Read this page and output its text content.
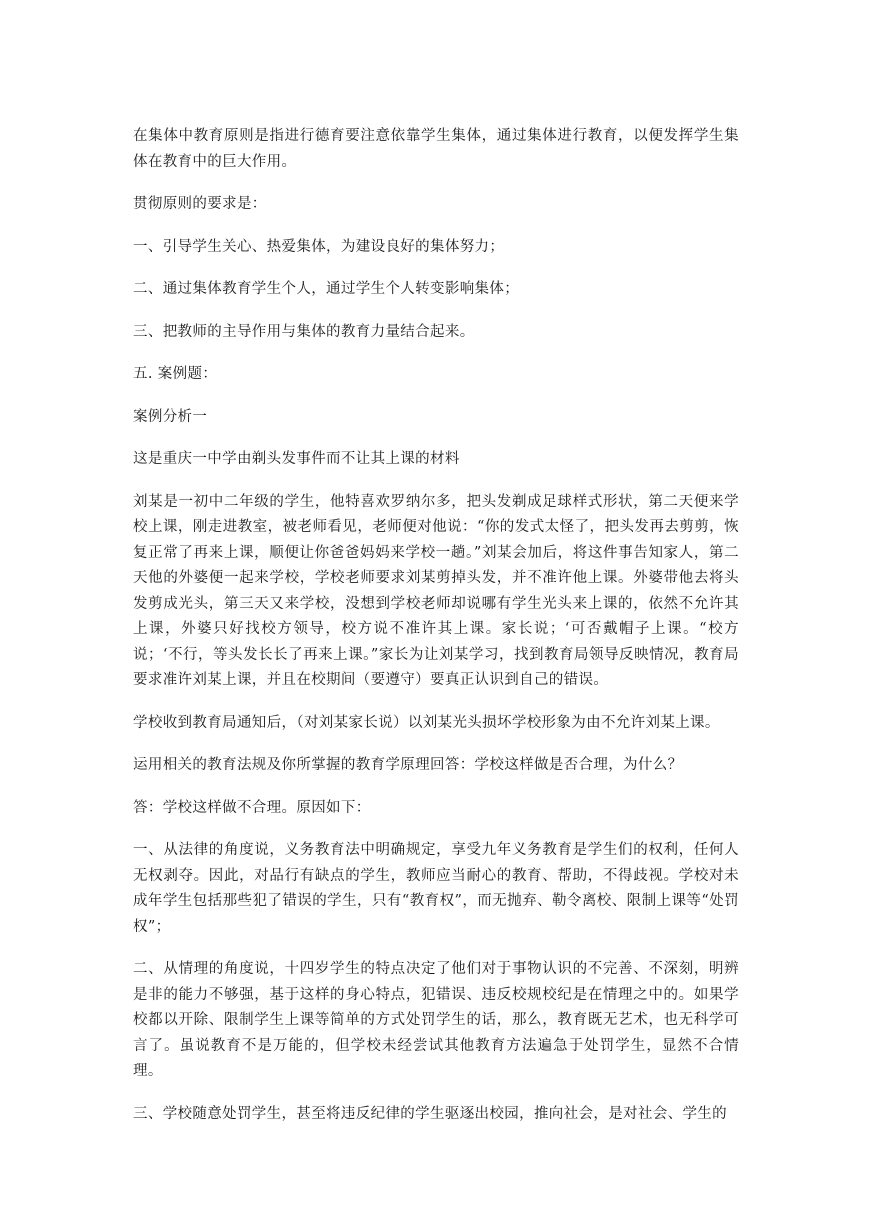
在集体中教育原则是指进行德育要注意依靠学生集体，通过集体进行教育，以便发挥学生集体在教育中的巨大作用。

贯彻原则的要求是：

一、引导学生关心、热爱集体，为建设良好的集体努力；

二、通过集体教育学生个人，通过学生个人转变影响集体；

三、把教师的主导作用与集体的教育力量结合起来。

五. 案例题：

案例分析一

这是重庆一中学由剃头发事件而不让其上课的材料

刘某是一初中二年级的学生，他特喜欢罗纳尔多，把头发剃成足球样式形状，第二天便来学校上课，刚走进教室，被老师看见，老师便对他说：“你的发式太怪了，把头发再去剪剪，恢复正常了再来上课，顺便让你爸爸妈妈来学校一趟。”刘某会加后，将这件事告知家人，第二天他的外婆便一起来学校，学校老师要求刘某剪掉头发，并不准许他上课。外婆带他去将头发剪成光头，第三天又来学校，没想到学校老师却说哪有学生光头来上课的，依然不允许其上课，外婆只好找校方领导，校方说不准许其上课。家长说；‘可否戴帽子上课。“校方说；‘不行，等头发长长了再来上课。”家长为让刘某学习，找到教育局领导反映情况，教育局要求准许刘某上课，并且在校期间（要遵守）要真正认识到自己的错误。

学校收到教育局通知后，（对刘某家长说）以刘某光头损坏学校形象为由不允许刘某上课。

运用相关的教育法规及你所掌握的教育学原理回答：学校这样做是否合理，为什么？

答：学校这样做不合理。原因如下：

一、从法律的角度说，义务教育法中明确规定，享受九年义务教育是学生们的权利，任何人无权剥夺。因此，对品行有缺点的学生，教师应当耐心的教育、帮助，不得歧视。学校对未成年学生包括那些犯了错误的学生，只有“教育权”，而无抛弃、勒令离校、限制上课等“处罚权”；

二、从情理的角度说，十四岁学生的特点决定了他们对于事物认识的不完善、不深刻，明辨是非的能力不够强，基于这样的身心特点，犯错误、违反校规校纪是在情理之中的。如果学校都以开除、限制学生上课等简单的方式处罚学生的话，那么，教育既无艺术，也无科学可言了。虽说教育不是万能的，但学校未经尝试其他教育方法遍急于处罚学生，显然不合情理。

三、学校随意处罚学生，甚至将违反纪律的学生驱逐出校园，推向社会，是对社会、学生的
